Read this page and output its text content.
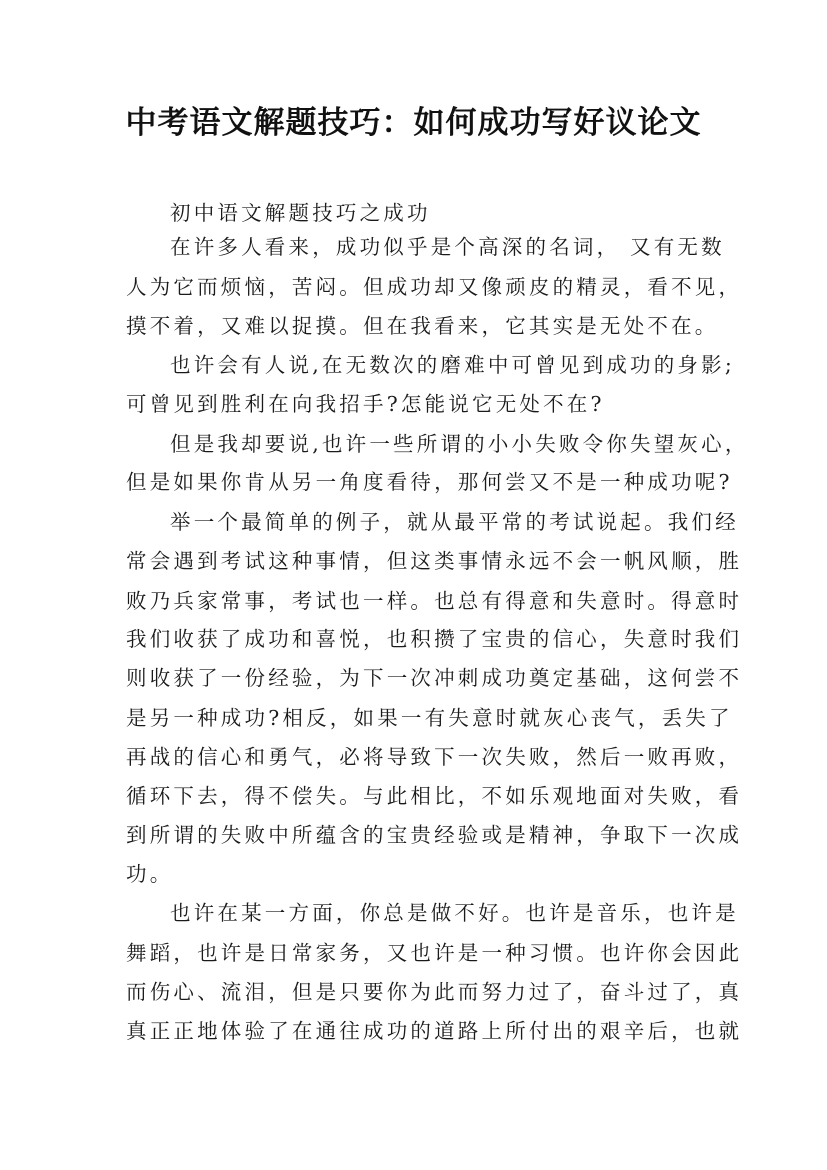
中考语文解题技巧：如何成功写好议论文
初中语文解题技巧之成功
在许多人看来，成功似乎是个高深的名词， 又有无数
人为它而烦恼，苦闷。但成功却又像顽皮的精灵，看不见，
摸不着，又难以捉摸。但在我看来，它其实是无处不在。
也许会有人说,在无数次的磨难中可曾见到成功的身影;
可曾见到胜利在向我招手?怎能说它无处不在?
但是我却要说,也许一些所谓的小小失败令你失望灰心，
但是如果你肯从另一角度看待，那何尝又不是一种成功呢?
举一个最简单的例子，就从最平常的考试说起。我们经
常会遇到考试这种事情，但这类事情永远不会一帆风顺，胜
败乃兵家常事，考试也一样。也总有得意和失意时。得意时
我们收获了成功和喜悦，也积攒了宝贵的信心，失意时我们
则收获了一份经验，为下一次冲刺成功奠定基础，这何尝不
是另一种成功?相反，如果一有失意时就灰心丧气，丢失了
再战的信心和勇气，必将导致下一次失败，然后一败再败，
循环下去，得不偿失。与此相比，不如乐观地面对失败，看
到所谓的失败中所蕴含的宝贵经验或是精神，争取下一次成
功。
也许在某一方面，你总是做不好。也许是音乐，也许是
舞蹈，也许是日常家务，又也许是一种习惯。也许你会因此
而伤心、流泪，但是只要你为此而努力过了，奋斗过了，真
真正正地体验了在通往成功的道路上所付出的艰辛后，也就
